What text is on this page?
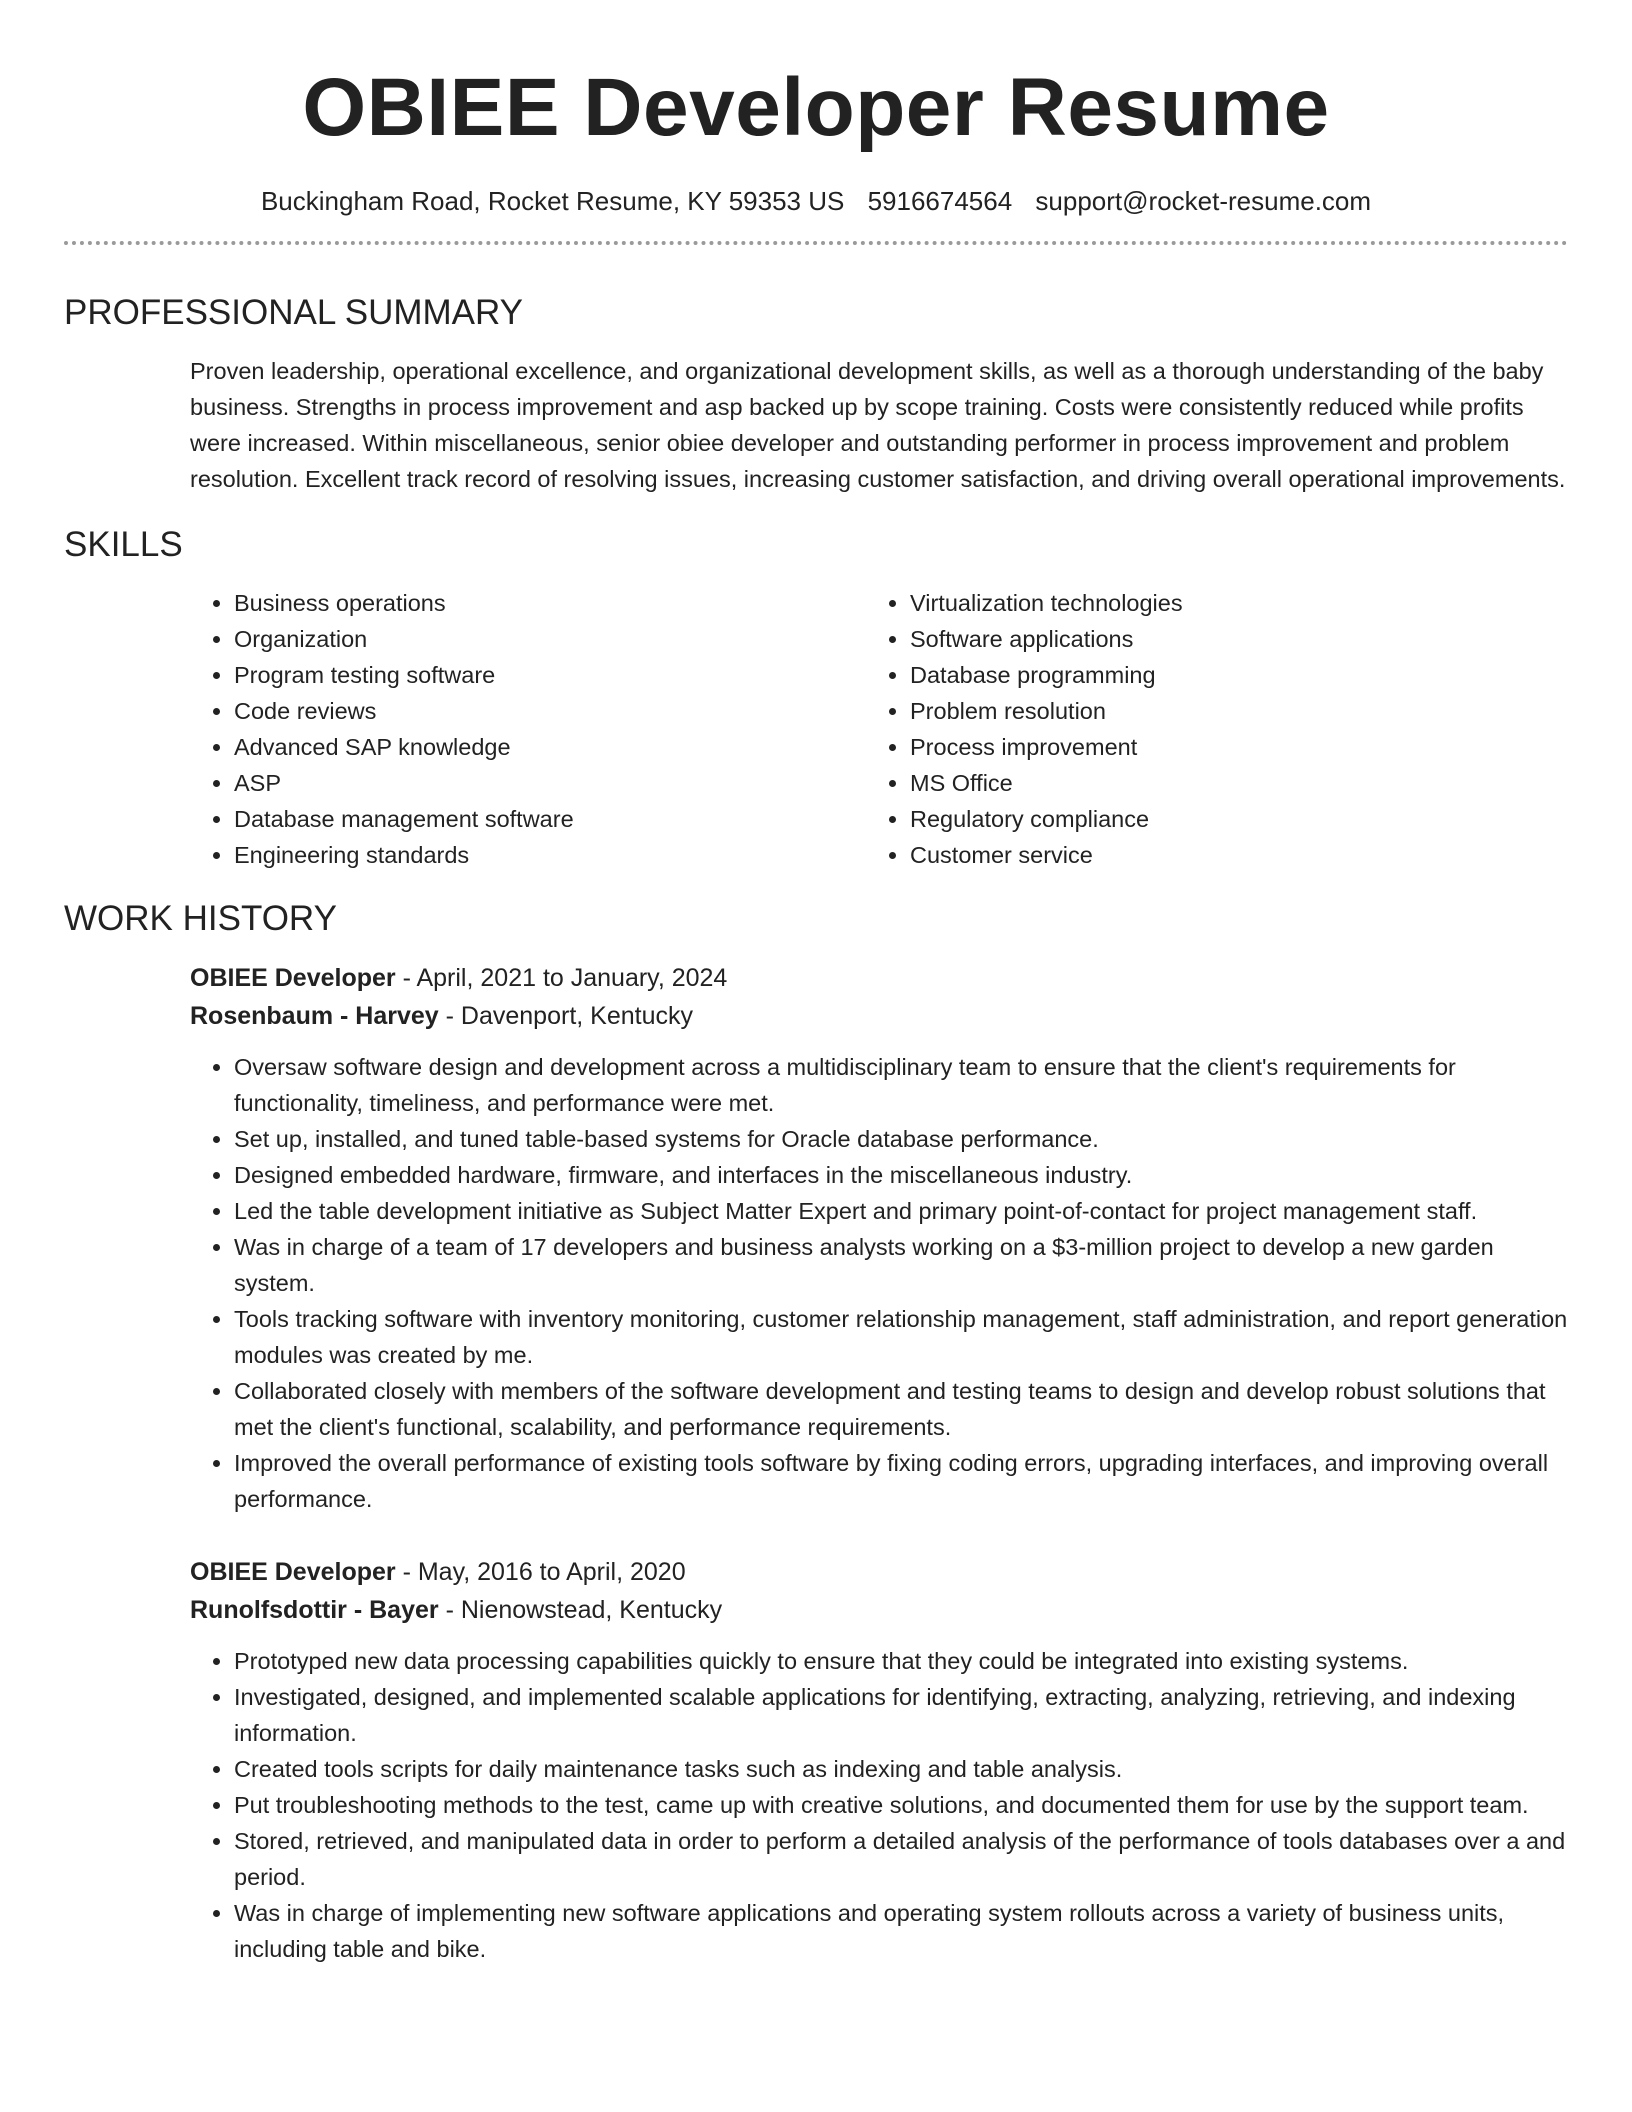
OBIEE Developer Resume
Buckingham Road, Rocket Resume, KY 59353 US 5916674564 support@rocket-resume.com
PROFESSIONAL SUMMARY

Proven leadership, operational excellence, and organizational development skills, as well as a thorough understanding of the baby business. Strengths in process improvement and asp backed up by scope training. Costs were consistently reduced while profits were increased. Within miscellaneous, senior obiee developer and outstanding performer in process improvement and problem resolution. Excellent track record of resolving issues, increasing customer satisfaction, and driving overall operational improvements.

SKILLS
• Business operations
• Organization
• Program testing software
• Code reviews
• Advanced SAP knowledge
• ASP
• Database management software
• Engineering standards
• Virtualization technologies
• Software applications
• Database programming
• Problem resolution
• Process improvement
• MS Office
• Regulatory compliance
• Customer service
WORK HISTORY
OBIEE Developer - April, 2021 to January, 2024
Rosenbaum - Harvey - Davenport, Kentucky
• Oversaw software design and development across a multidisciplinary team to ensure that the client's requirements for functionality, timeliness, and performance were met.
• Set up, installed, and tuned table-based systems for Oracle database performance.
• Designed embedded hardware, firmware, and interfaces in the miscellaneous industry.
• Led the table development initiative as Subject Matter Expert and primary point-of-contact for project management staff.
• Was in charge of a team of 17 developers and business analysts working on a $3-million project to develop a new garden system.
• Tools tracking software with inventory monitoring, customer relationship management, staff administration, and report generation modules was created by me.
• Collaborated closely with members of the software development and testing teams to design and develop robust solutions that met the client's functional, scalability, and performance requirements.
• Improved the overall performance of existing tools software by fixing coding errors, upgrading interfaces, and improving overall performance.
OBIEE Developer - May, 2016 to April, 2020
Runolfsdottir - Bayer - Nienowstead, Kentucky
• Prototyped new data processing capabilities quickly to ensure that they could be integrated into existing systems.
• Investigated, designed, and implemented scalable applications for identifying, extracting, analyzing, retrieving, and indexing information.
• Created tools scripts for daily maintenance tasks such as indexing and table analysis.
• Put troubleshooting methods to the test, came up with creative solutions, and documented them for use by the support team.
• Stored, retrieved, and manipulated data in order to perform a detailed analysis of the performance of tools databases over a and period.
• Was in charge of implementing new software applications and operating system rollouts across a variety of business units, including table and bike.
